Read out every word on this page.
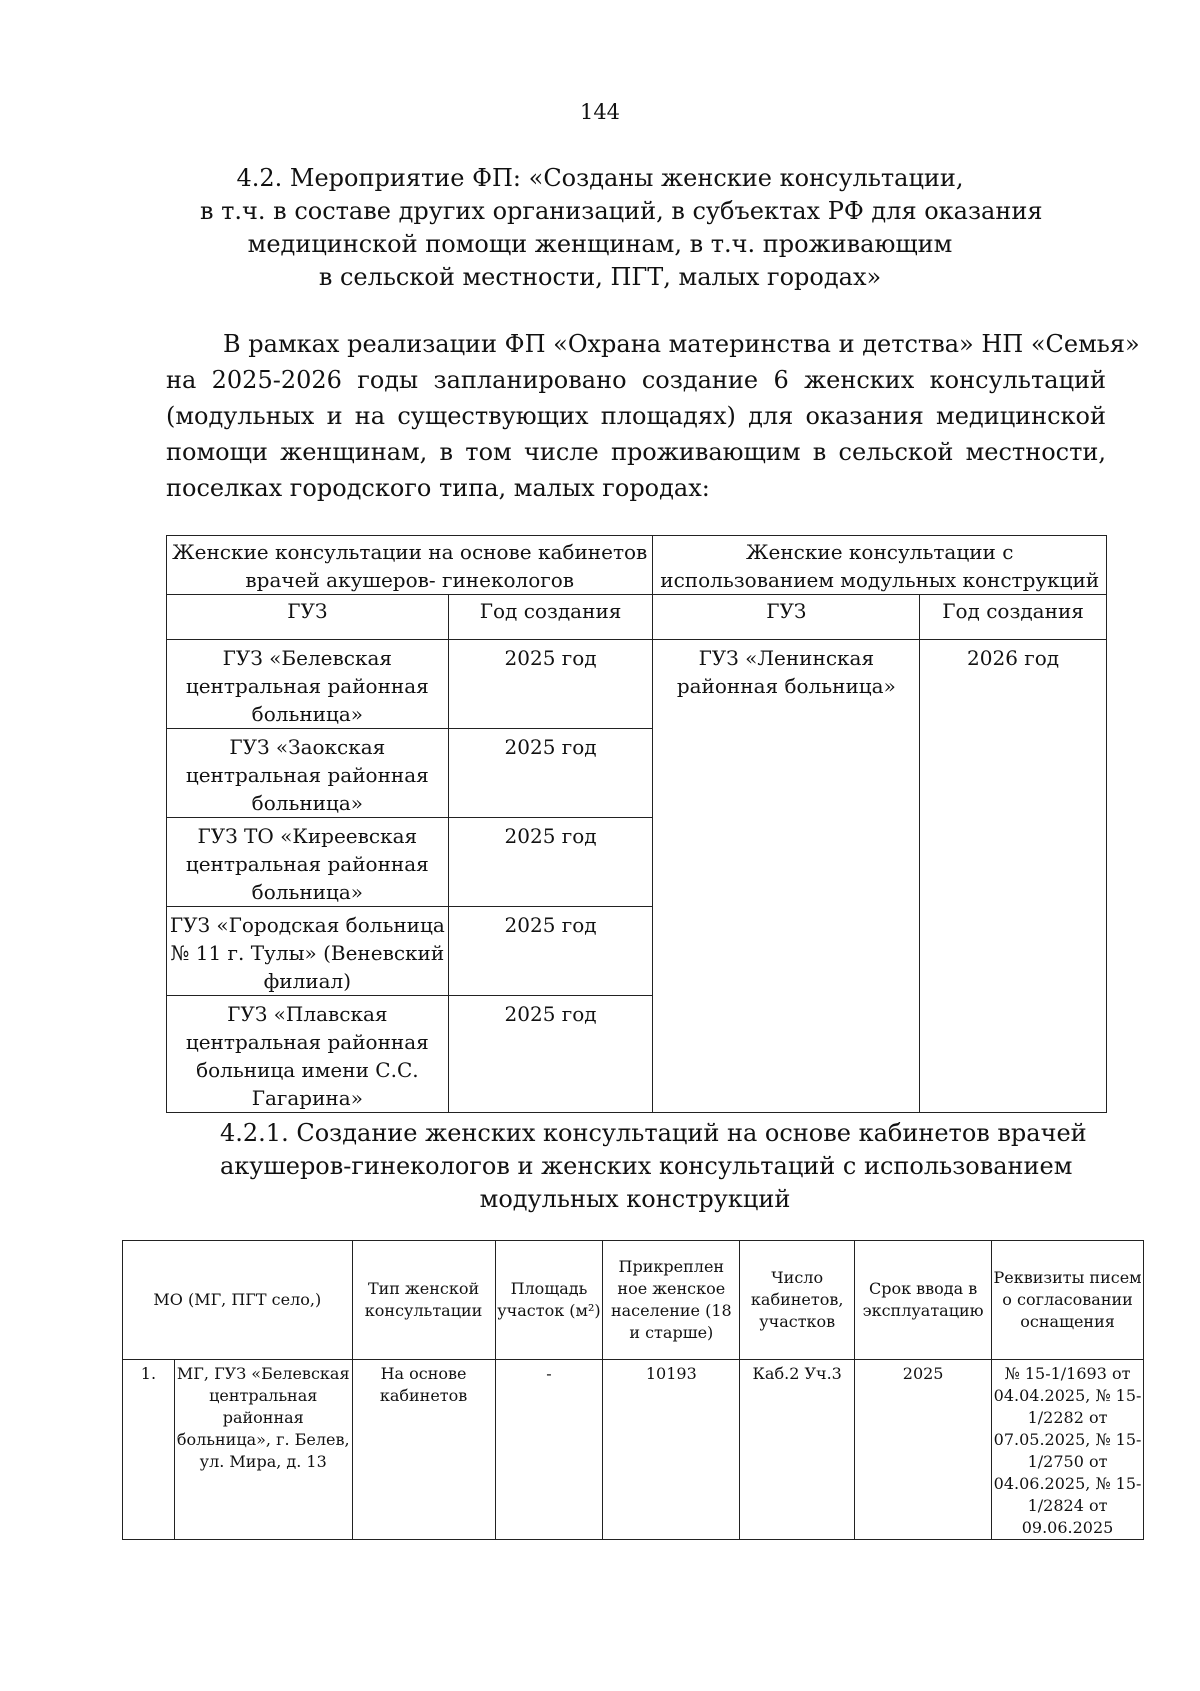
144
4.2. Мероприятие ФП: «Созданы женские консультации,
в т.ч. в составе других организаций, в субъектах РФ для оказания
медицинской помощи женщинам, в т.ч. проживающим
в сельской местности, ПГТ, малых городах»
В рамках реализации ФП «Охрана материнства и детства» НП «Семья»
на 2025-2026 годы запланировано создание 6 женских консультаций
(модульных и на существующих площадях) для оказания медицинской
помощи женщинам, в том числе проживающим в сельской местности,
поселках городского типа, малых городах:
Женские консультации на основе кабинетов врачей акушеров- гинекологов		Женские консультации с использованием модульных конструкций	
ГУЗ	Год создания	ГУЗ	Год создания
ГУЗ «Белевская центральная районная больница»	2025 год	ГУЗ «Ленинская районная больница»	2026 год
ГУЗ «Заокская центральная районная больница»	2025 год		
ГУЗ ТО «Киреевская центральная районная больница»	2025 год		
ГУЗ «Городская больница № 11 г. Тулы» (Веневский филиал)	2025 год		
ГУЗ «Плавская центральная районная больница имени С.С. Гагарина»	2025 год		
4.2.1. Создание женских консультаций на основе кабинетов врачей
акушеров-гинекологов и женских консультаций с использованием
модульных конструкций
МО (МГ, ПГТ село,)		Тип женской консультации	Площадь участок (м²)	Прикреплен ное женское население (18 и старше)	Число кабинетов, участков	Срок ввода в эксплуатацию	Реквизиты писем о согласовании оснащения
1.	МГ, ГУЗ «Белевская центральная районная больница», г. Белев, ул. Мира, д. 13	На основе кабинетов	-	10193	Каб.2 Уч.3	2025	№ 15-1/1693 от 04.04.2025, № 15-1/2282 от 07.05.2025, № 15-1/2750 от 04.06.2025, № 15-1/2824 от 09.06.2025
